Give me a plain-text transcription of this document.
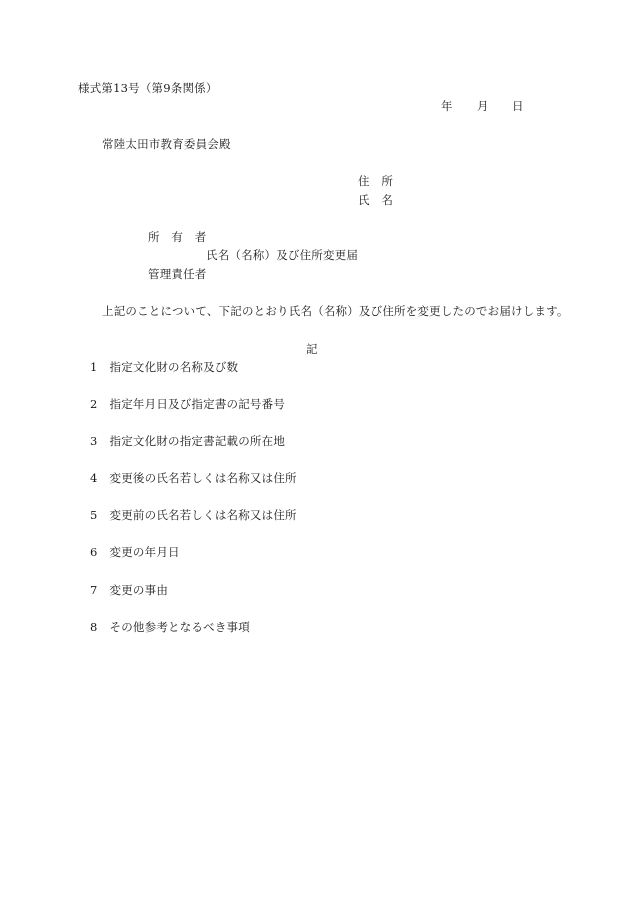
様式第13号（第9条関係）
年 月 日
常陸太田市教育委員会殿
住　所
氏　名
所　有　者
氏名（名称）及び住所変更届
管理責任者
上記のことについて、下記のとおり氏名（名称）及び住所を変更したのでお届けします。
記
1 指定文化財の名称及び数
2 指定年月日及び指定書の記号番号
3 指定文化財の指定書記載の所在地
4 変更後の氏名若しくは名称又は住所
5 変更前の氏名若しくは名称又は住所
6 変更の年月日
7 変更の事由
8 その他参考となるべき事項
